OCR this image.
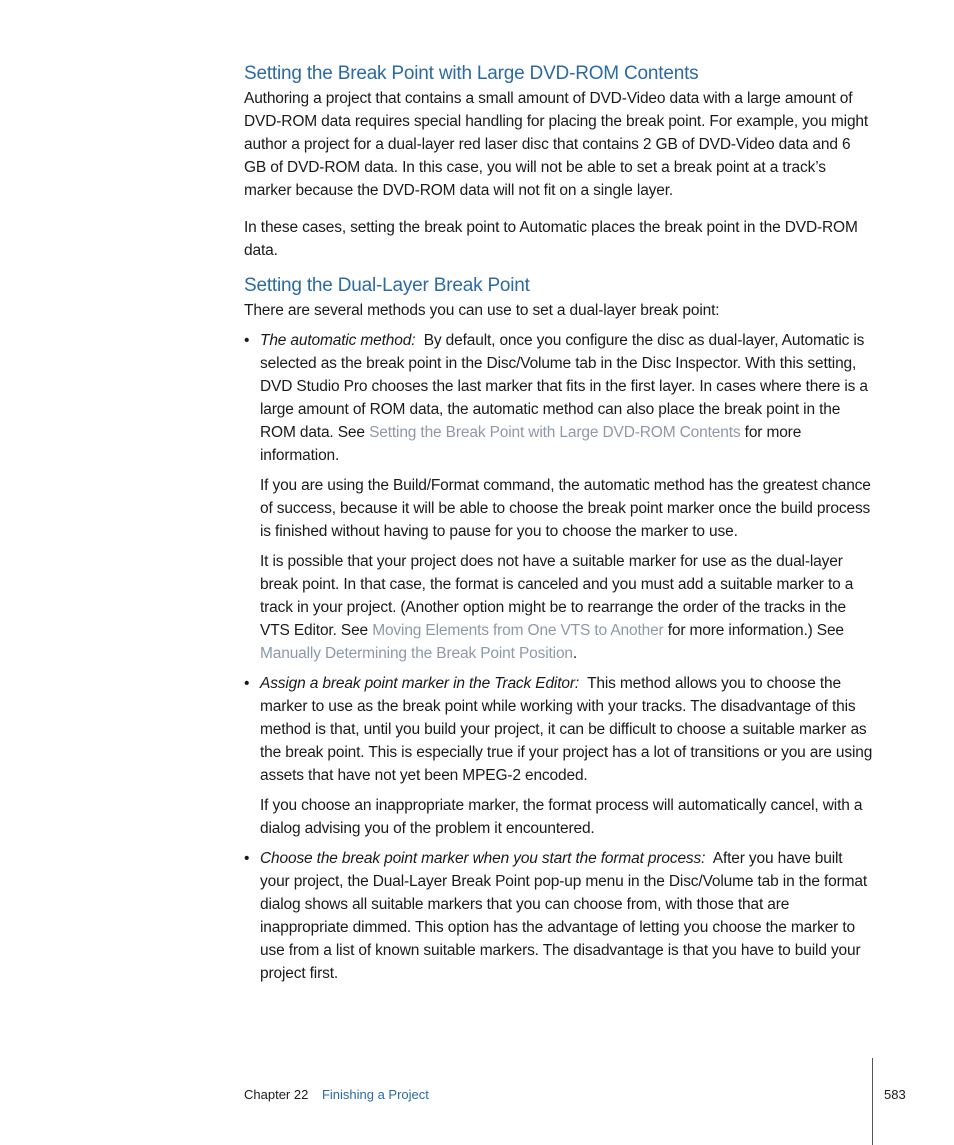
Setting the Break Point with Large DVD-ROM Contents

Authoring a project that contains a small amount of DVD-Video data with a large amount of DVD-ROM data requires special handling for placing the break point. For example, you might author a project for a dual-layer red laser disc that contains 2 GB of DVD-Video data and 6 GB of DVD-ROM data. In this case, you will not be able to set a break point at a track’s marker because the DVD-ROM data will not fit on a single layer.

In these cases, setting the break point to Automatic places the break point in the DVD-ROM data.

Setting the Dual-Layer Break Point

There are several methods you can use to set a dual-layer break point:

• The automatic method: By default, once you configure the disc as dual-layer, Automatic is selected as the break point in the Disc/Volume tab in the Disc Inspector. With this setting, DVD Studio Pro chooses the last marker that fits in the first layer. In cases where there is a large amount of ROM data, the automatic method can also place the break point in the ROM data. See Setting the Break Point with Large DVD-ROM Contents for more information.

If you are using the Build/Format command, the automatic method has the greatest chance of success, because it will be able to choose the break point marker once the build process is finished without having to pause for you to choose the marker to use.

It is possible that your project does not have a suitable marker for use as the dual-layer break point. In that case, the format is canceled and you must add a suitable marker to a track in your project. (Another option might be to rearrange the order of the tracks in the VTS Editor. See Moving Elements from One VTS to Another for more information.) See Manually Determining the Break Point Position.

• Assign a break point marker in the Track Editor: This method allows you to choose the marker to use as the break point while working with your tracks. The disadvantage of this method is that, until you build your project, it can be difficult to choose a suitable marker as the break point. This is especially true if your project has a lot of transitions or you are using assets that have not yet been MPEG-2 encoded.

If you choose an inappropriate marker, the format process will automatically cancel, with a dialog advising you of the problem it encountered.

• Choose the break point marker when you start the format process: After you have built your project, the Dual-Layer Break Point pop-up menu in the Disc/Volume tab in the format dialog shows all suitable markers that you can choose from, with those that are inappropriate dimmed. This option has the advantage of letting you choose the marker to use from a list of known suitable markers. The disadvantage is that you have to build your project first.

Chapter 22 Finishing a Project	583
